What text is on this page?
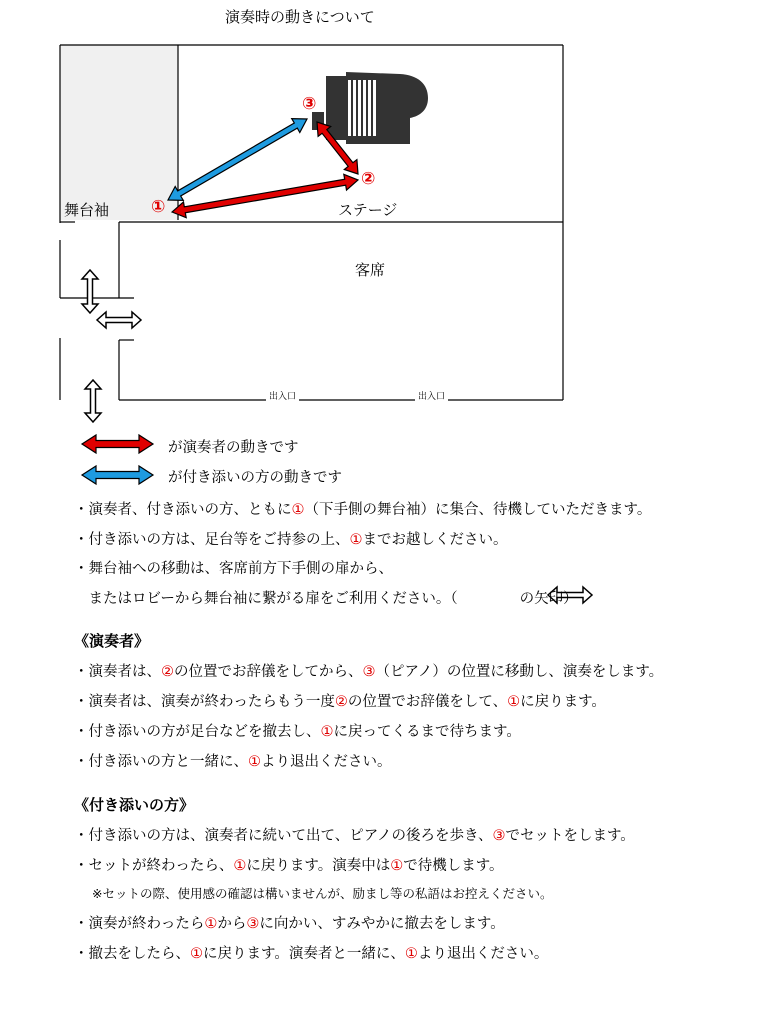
演奏時の動きについて
舞台袖	ステージ
客席
出入口	出入口
①
②
③
が演奏者の動きです
が付き添いの方の動きです
・演奏者、付き添いの方、ともに①（下手側の舞台袖）に集合、待機していただきます。
・付き添いの方は、足台等をご持参の上、①までお越しください。
・舞台袖への移動は、客席前方下手側の扉から、
　またはロビーから舞台袖に繋がる扉をご利用ください。（	の矢印）
《演奏者》
・演奏者は、②の位置でお辞儀をしてから、③（ピアノ）の位置に移動し、演奏をします。
・演奏者は、演奏が終わったらもう一度②の位置でお辞儀をして、①に戻ります。
・付き添いの方が足台などを撤去し、①に戻ってくるまで待ちます。
・付き添いの方と一緒に、①より退出ください。
《付き添いの方》
・付き添いの方は、演奏者に続いて出て、ピアノの後ろを歩き、③でセットをします。
・セットが終わったら、①に戻ります。演奏中は①で待機します。
※セットの際、使用感の確認は構いませんが、励まし等の私語はお控えください。
・演奏が終わったら①から③に向かい、すみやかに撤去をします。
・撤去をしたら、①に戻ります。演奏者と一緒に、①より退出ください。
